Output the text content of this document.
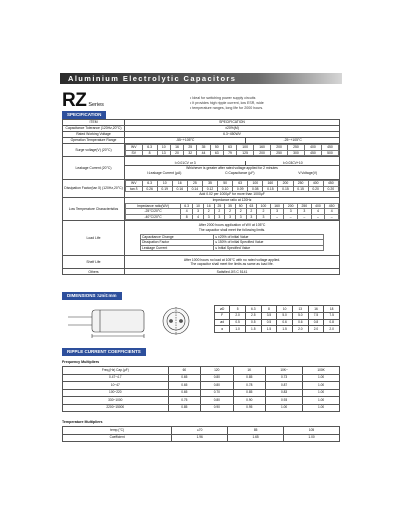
Aluminium Electrolytic Capacitors
RZ Series
• Ideal for switching power supply circuits
• It provides high ripple current, low ESR, wide
• temperature ranges, long life for 2000 hours.
SPECIFICATION
ITEM	SPECIFICATION
Capacitance Tolerance (120Hz,20°C)	±20%(M)
Rated Working Voltage	6.3~450WV
Operation Temperature Range	-55~+105°C	-25~+105°C

Surge voltage(V) (20°C)	
WV	6.3	10	16	25	35	50	63	100	160	200	250	400	450
SV	8	13	20	32	44	63	79	125	200	250	300	450	500

Leakage Current (20°C)	
I=0.01CV or 3	I=0.03CV+10
Whichever is greater after rated voltage applied for 2 minutes
I:Leakage Current (μA)	C:Capacitance (μF)	V:Voltage(V)

Dissipation Factor(tan δ) (120Hz,20°C)	
WV	6.3	10	16	25	35	50	63	100	160	200	250	400	450
tan δ	0.26	0.19	0.16	0.14	0.12	0.10	0.09	0.08	0.15	0.15	0.15	0.20	0.20
Add 0.02 per 1000μF for more than 1000μF

Low Temperature Characteristics	
Impedance ratio at 120Hz
Impedance ratio(WV)	6.3	10	16	25	35	50	63	100	160	200	250	400	450
-25°C/20°C	4	3	2	2	2	2	2	2	3	3	3	4	4
-40°C/20°C	8	4	3	3	3	3	3	3	–	–	–	–	–

Load Life	
After 2000 hours application of WV at 105°C
The capacitor shall meet the following limits.
Capacitance Change	≤ ±20% of initial Value
Dissipation Factor	≤ 150% of initial Specified Value
Leakage Current	≤ Initial Specified Value

Shelf Life	
After 1000 hours no load at 105°C with no rated voltage applied.
The capacitor shall meet the limits as same as load life.

Others	Satisfied JIS C 5141
DIMENSIONS :Unit:mm
øD	5	6.3	8	10	13	16	18
F	2.0	2.5	3.5	5.0	5.0	7.5	7.5
ød	0.5	0.5	0.5	0.6	0.6	0.8	0.8
α	1.0	1.5	1.5	1.5	2.0	2.0	2.0
RIPPLE CURRENT COEFFICIENTS
Frequency Multipliers
Freq.(Hz) Cap.(μF)	60	120	1K	10K~	100K
0.47~4.7	0.65	0.80	0.85	0.73	1.00
10~47	0.65	0.80	0.78	0.87	1.00
100~220	0.65	0.70	0.85	0.83	1.00
330~1000	0.75	0.80	0.90	0.93	1.00
2200~15000	0.85	0.90	0.95	1.00	1.00
Temperature Multipliers
temp.(°C)	≤70	85	105
Coefficient	1.96	1.65	1.00
